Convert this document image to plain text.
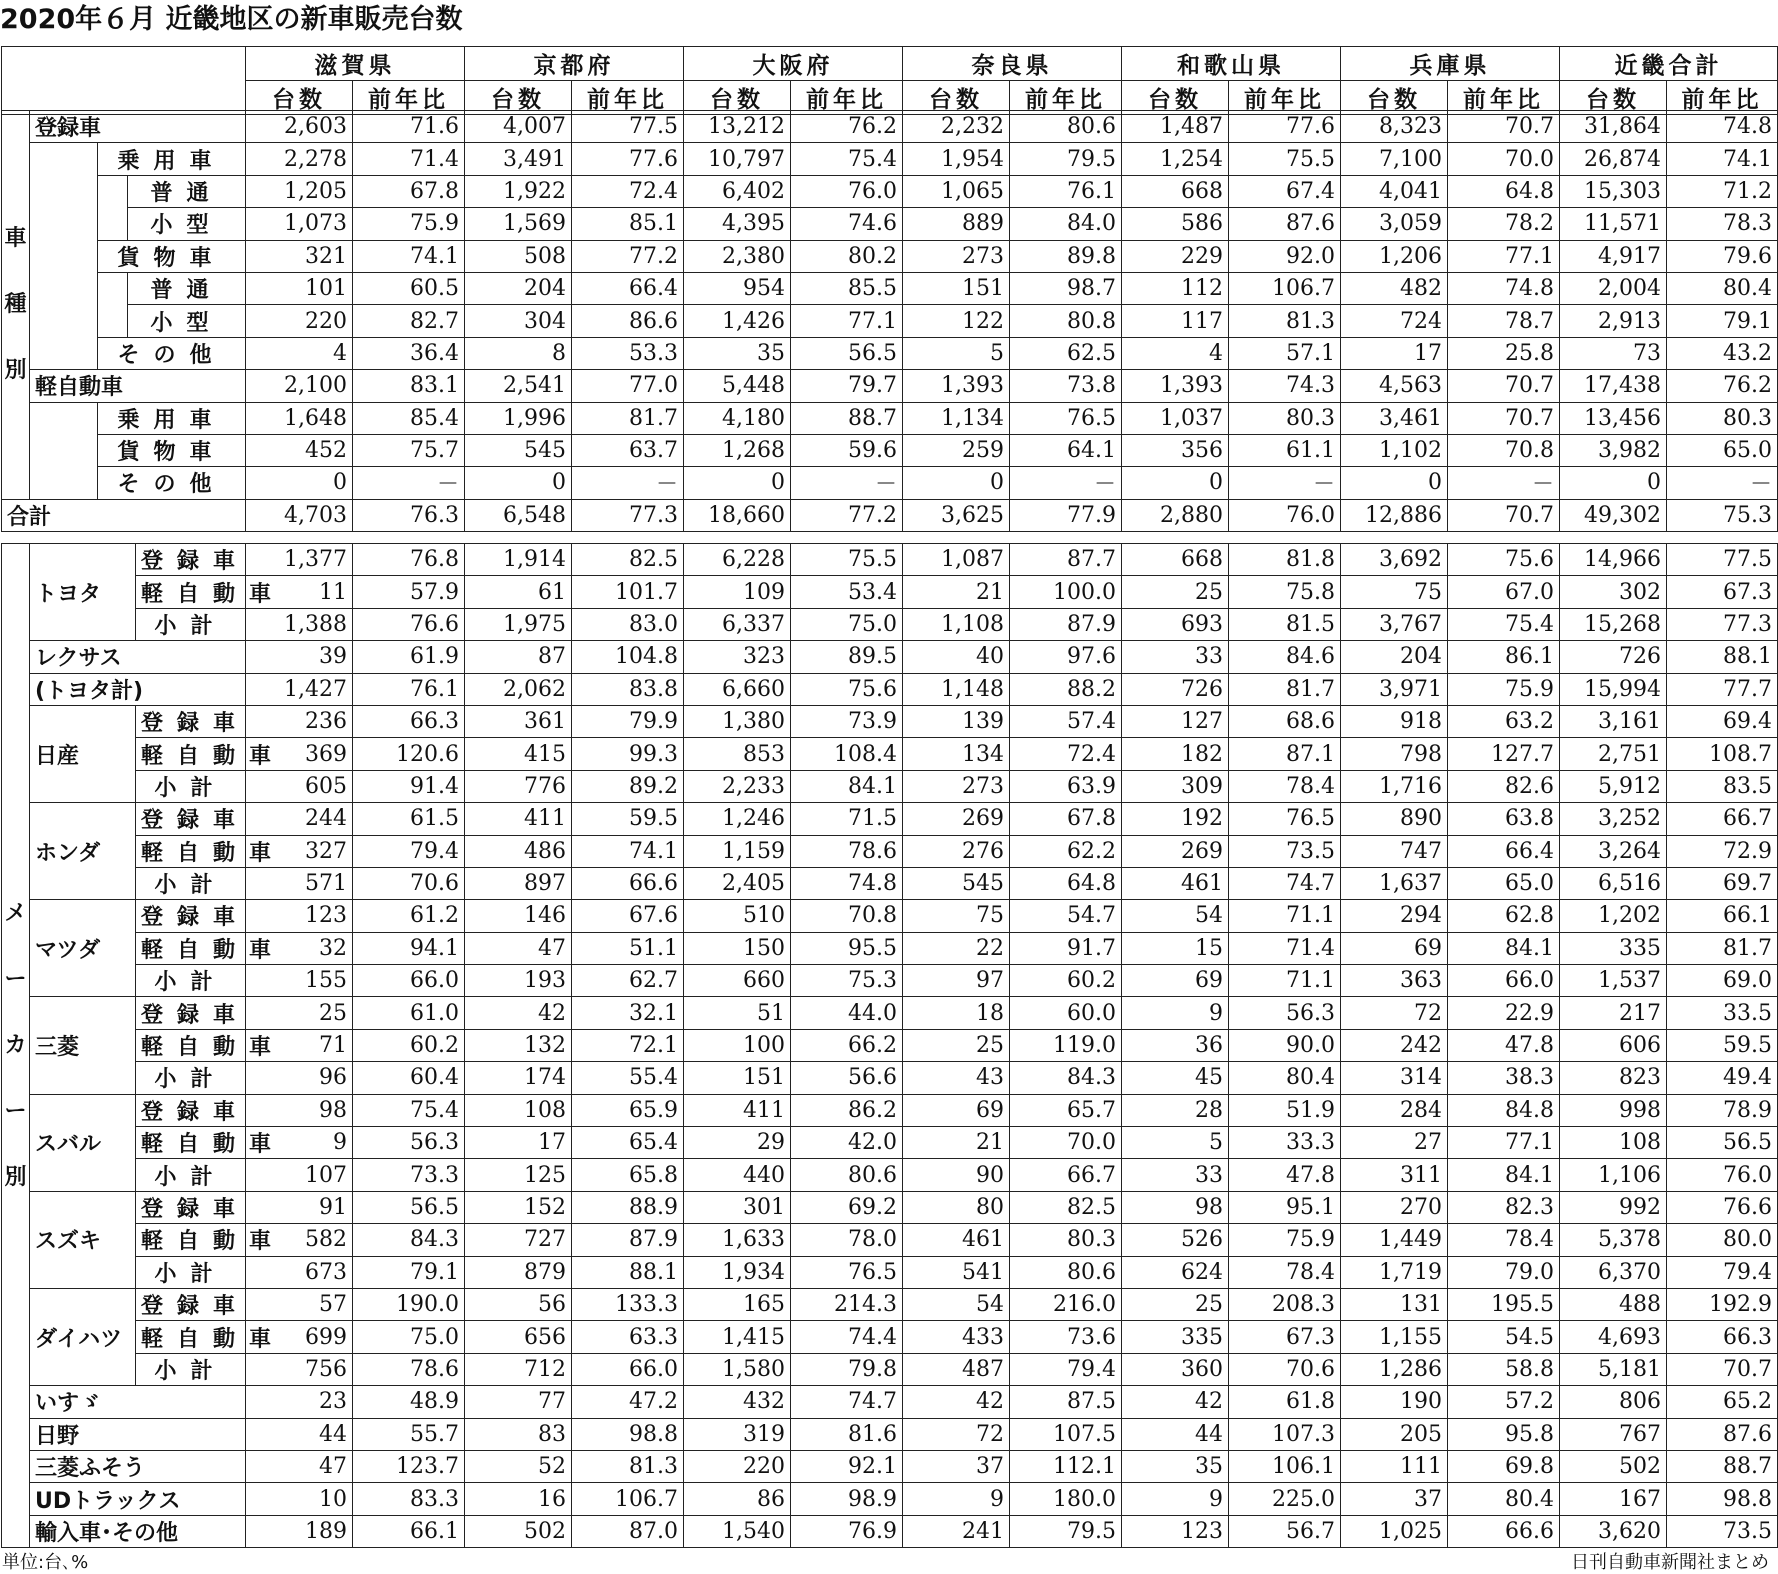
2020年６月 近畿地区の新車販売台数
	滋賀県		京都府		大阪府		奈良県		和歌山県		兵庫県		近畿合計	
	台数	前年比	台数	前年比	台数	前年比	台数	前年比	台数	前年比	台数	前年比	台数	前年比
車
種
別	登録車			2,603	71.6	4,007	77.5	13,212	76.2	2,232	80.6	1,487	77.6	8,323	70.7	31,864	74.8
		乗用車		2,278	71.4	3,491	77.6	10,797	75.4	1,954	79.5	1,254	75.5	7,100	70.0	26,874	74.1
			普通	1,205	67.8	1,922	72.4	6,402	76.0	1,065	76.1	668	67.4	4,041	64.8	15,303	71.2
			小型	1,073	75.9	1,569	85.1	4,395	74.6	889	84.0	586	87.6	3,059	78.2	11,571	78.3
		貨物車		321	74.1	508	77.2	2,380	80.2	273	89.8	229	92.0	1,206	77.1	4,917	79.6
			普通	101	60.5	204	66.4	954	85.5	151	98.7	112	106.7	482	74.8	2,004	80.4
			小型	220	82.7	304	86.6	1,426	77.1	122	80.8	117	81.3	724	78.7	2,913	79.1
		その他		4	36.4	8	53.3	35	56.5	5	62.5	4	57.1	17	25.8	73	43.2
	軽自動車			2,100	83.1	2,541	77.0	5,448	79.7	1,393	73.8	1,393	74.3	4,563	70.7	17,438	76.2
		乗用車		1,648	85.4	1,996	81.7	4,180	88.7	1,134	76.5	1,037	80.3	3,461	70.7	13,456	80.3
		貨物車		452	75.7	545	63.7	1,268	59.6	259	64.1	356	61.1	1,102	70.8	3,982	65.0
		その他		0	－	0	－	0	－	0	－	0	－	0	－	0	－
合計				4,703	76.3	6,548	77.3	18,660	77.2	3,625	77.9	2,880	76.0	12,886	70.7	49,302	75.3
メ
ー
カ
ー
別	トヨタ	登録車	1,377	76.8	1,914	82.5	6,228	75.5	1,087	87.7	668	81.8	3,692	75.6	14,966	77.5
		軽自動車	11	57.9	61	101.7	109	53.4	21	100.0	25	75.8	75	67.0	302	67.3
		小計	1,388	76.6	1,975	83.0	6,337	75.0	1,108	87.9	693	81.5	3,767	75.4	15,268	77.3
	レクサス		39	61.9	87	104.8	323	89.5	40	97.6	33	84.6	204	86.1	726	88.1
	(トヨタ計)		1,427	76.1	2,062	83.8	6,660	75.6	1,148	88.2	726	81.7	3,971	75.9	15,994	77.7
	日産	登録車	236	66.3	361	79.9	1,380	73.9	139	57.4	127	68.6	918	63.2	3,161	69.4
		軽自動車	369	120.6	415	99.3	853	108.4	134	72.4	182	87.1	798	127.7	2,751	108.7
		小計	605	91.4	776	89.2	2,233	84.1	273	63.9	309	78.4	1,716	82.6	5,912	83.5
	ホンダ	登録車	244	61.5	411	59.5	1,246	71.5	269	67.8	192	76.5	890	63.8	3,252	66.7
		軽自動車	327	79.4	486	74.1	1,159	78.6	276	62.2	269	73.5	747	66.4	3,264	72.9
		小計	571	70.6	897	66.6	2,405	74.8	545	64.8	461	74.7	1,637	65.0	6,516	69.7
	マツダ	登録車	123	61.2	146	67.6	510	70.8	75	54.7	54	71.1	294	62.8	1,202	66.1
		軽自動車	32	94.1	47	51.1	150	95.5	22	91.7	15	71.4	69	84.1	335	81.7
		小計	155	66.0	193	62.7	660	75.3	97	60.2	69	71.1	363	66.0	1,537	69.0
	三菱	登録車	25	61.0	42	32.1	51	44.0	18	60.0	9	56.3	72	22.9	217	33.5
		軽自動車	71	60.2	132	72.1	100	66.2	25	119.0	36	90.0	242	47.8	606	59.5
		小計	96	60.4	174	55.4	151	56.6	43	84.3	45	80.4	314	38.3	823	49.4
	スバル	登録車	98	75.4	108	65.9	411	86.2	69	65.7	28	51.9	284	84.8	998	78.9
		軽自動車	9	56.3	17	65.4	29	42.0	21	70.0	5	33.3	27	77.1	108	56.5
		小計	107	73.3	125	65.8	440	80.6	90	66.7	33	47.8	311	84.1	1,106	76.0
	スズキ	登録車	91	56.5	152	88.9	301	69.2	80	82.5	98	95.1	270	82.3	992	76.6
		軽自動車	582	84.3	727	87.9	1,633	78.0	461	80.3	526	75.9	1,449	78.4	5,378	80.0
		小計	673	79.1	879	88.1	1,934	76.5	541	80.6	624	78.4	1,719	79.0	6,370	79.4
	ダイハツ	登録車	57	190.0	56	133.3	165	214.3	54	216.0	25	208.3	131	195.5	488	192.9
		軽自動車	699	75.0	656	63.3	1,415	74.4	433	73.6	335	67.3	1,155	54.5	4,693	66.3
		小計	756	78.6	712	66.0	1,580	79.8	487	79.4	360	70.6	1,286	58.8	5,181	70.7
	いすゞ		23	48.9	77	47.2	432	74.7	42	87.5	42	61.8	190	57.2	806	65.2
	日野		44	55.7	83	98.8	319	81.6	72	107.5	44	107.3	205	95.8	767	87.6
	三菱ふそう		47	123.7	52	81.3	220	92.1	37	112.1	35	106.1	111	69.8	502	88.7
	UDトラックス		10	83.3	16	106.7	86	98.9	9	180.0	9	225.0	37	80.4	167	98.8
	輸入車･その他		189	66.1	502	87.0	1,540	76.9	241	79.5	123	56.7	1,025	66.6	3,620	73.5
単位:台､%	日刊自動車新聞社まとめ
